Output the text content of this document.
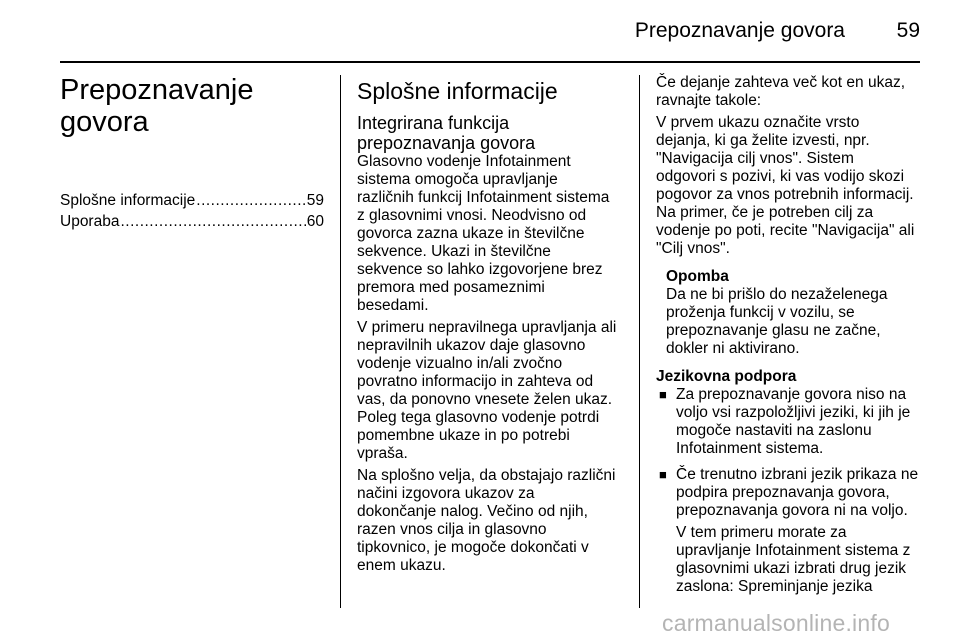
Prepoznavanje govora	59
Prepoznavanje
govora
Splošne informacije .....	59
Uporaba .....	60
Splošne informacije
Integrirana funkcija
prepoznavanja govora

Glasovno vodenje Infotainment
sistema omogoča upravljanje
različnih funkcij Infotainment sistema
z glasovnimi vnosi. Neodvisno od
govorca zazna ukaze in številčne
sekvence. Ukazi in številčne
sekvence so lahko izgovorjene brez
premora med posameznimi
besedami.

V primeru nepravilnega upravljanja ali
nepravilnih ukazov daje glasovno
vodenje vizualno in/ali zvočno
povratno informacijo in zahteva od
vas, da ponovno vnesete želen ukaz.
Poleg tega glasovno vodenje potrdi
pomembne ukaze in po potrebi
vpraša.

Na splošno velja, da obstajajo različni
načini izgovora ukazov za
dokončanje nalog. Večino od njih,
razen vnos cilja in glasovno
tipkovnico, je mogoče dokončati v
enem ukazu.

Če dejanje zahteva več kot en ukaz,
ravnajte takole:

V prvem ukazu označite vrsto
dejanja, ki ga želite izvesti, npr.
"Navigacija cilj vnos". Sistem
odgovori s pozivi, ki vas vodijo skozi
pogovor za vnos potrebnih informacij.
Na primer, če je potreben cilj za
vodenje po poti, recite "Navigacija" ali
"Cilj vnos".

Opomba

Da ne bi prišlo do nezaželenega
proženja funkcij v vozilu, se
prepoznavanje glasu ne začne,
dokler ni aktivirano.

Jezikovna podpora
■ Za prepoznavanje govora niso na
voljo vsi razpoložljivi jeziki, ki jih je
mogoče nastaviti na zaslonu
Infotainment sistema.

■ Če trenutno izbrani jezik prikaza ne
podpira prepoznavanja govora,
prepoznavanja govora ni na voljo.

V tem primeru morate za
upravljanje Infotainment sistema z
glasovnimi ukazi izbrati drug jezik
zaslona: Spreminjanje jezika

carmanualsonline.info
